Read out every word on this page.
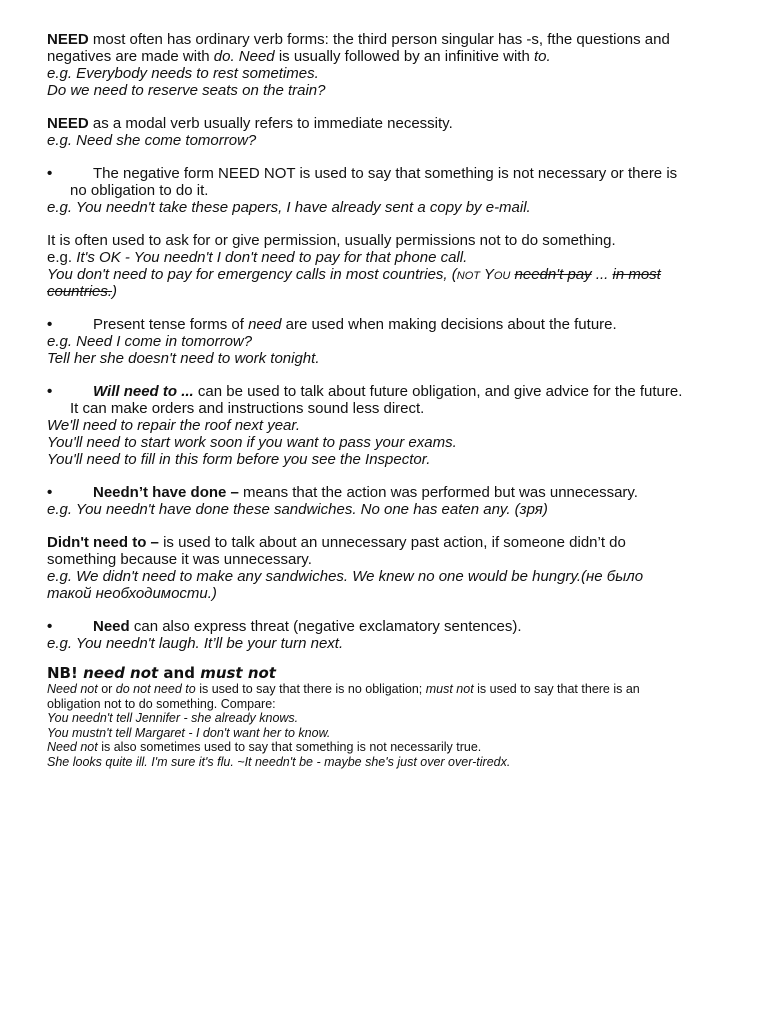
NEED most often has ordinary verb forms: the third person singular has -s, fthe questions and

negatives are made with do. Need is usually followed by an infinitive with to.

e.g. Everybody needs to rest sometimes.

Do we need to reserve seats on the train?

NEED as a modal verb usually refers to immediate necessity.

e.g. Need she come tomorrow?

•	The negative form NEED NOT is used to say that something is not necessary or there is

no obligation to do it.

e.g. You needn't take these papers, I have already sent a copy by e-mail.

It is often used to ask for or give permission, usually permissions not to do something.

e.g. It's OK - You needn't I don't need to pay for that phone call.

You don't need to pay for emergency calls in most countries, (not You needn't pay ... in most

countries.)

•	Present tense forms of need are used when making decisions about the future.

e.g. Need I come in tomorrow?

Tell her she doesn't need to work tonight.

•	Will need to ... can be used to talk about future obligation, and give advice for the future.

It can make orders and instructions sound less direct.

We'll need to repair the roof next year.

You'll need to start work soon if you want to pass your exams.

You'll need to fill in this form before you see the Inspector.

•	Needn’t have done – means that the action was performed but was unnecessary.

e.g. You needn't have done these sandwiches. No one has eaten any. (зря)

Didn't need to – is used to talk about an unnecessary past action, if someone didn’t do

something because it was unnecessary.

e.g. We didn't need to make any sandwiches. We knew no one would be hungry.(не было

такой необходимости.)

•	Need can also express threat (negative exclamatory sentences).

e.g. You needn't laugh. It’ll be your turn next.

NB! need not and must not

Need not or do not need to is used to say that there is no obligation; must not is used to say that there is an

obligation not to do something. Compare:

You needn't tell Jennifer - she already knows.

You mustn't tell Margaret - I don't want her to know.

Need not is also sometimes used to say that something is not necessarily true.

She looks quite ill. I'm sure it's flu. ~It needn't be - maybe she's just over over-tiredx.
